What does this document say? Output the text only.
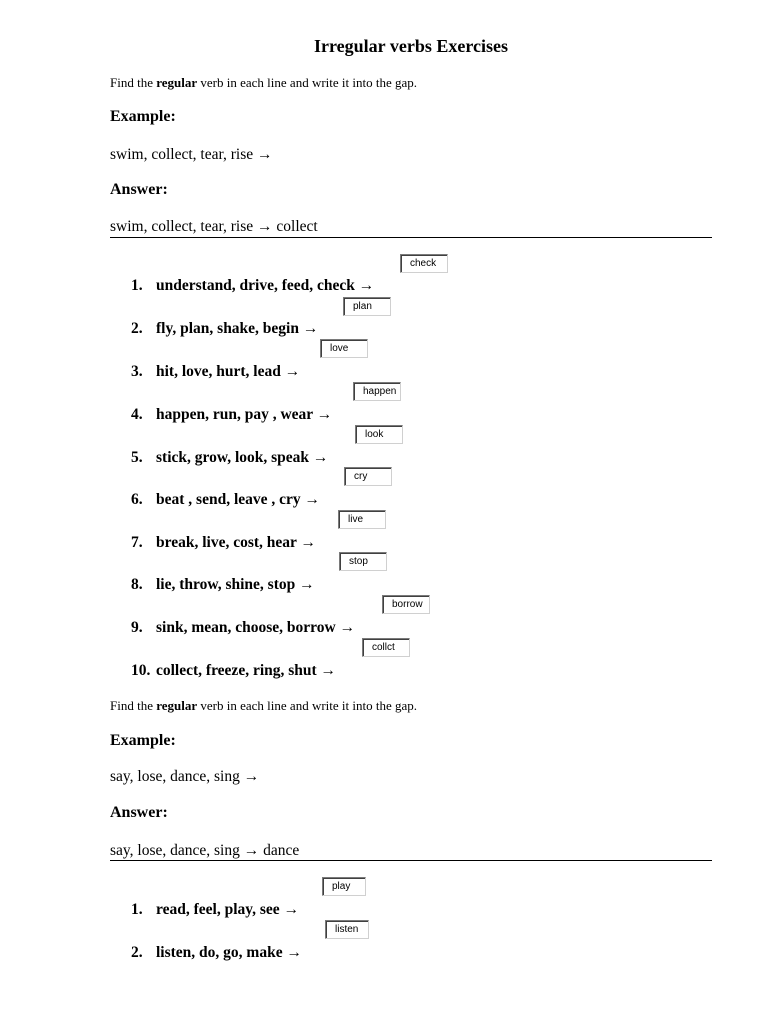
Irregular verbs Exercises
Find the regular verb in each line and write it into the gap.
Example:
swim, collect, tear, rise →
Answer:
swim, collect, tear, rise → collect
check
1. understand, drive, feed, check →
plan
2. fly, plan, shake, begin →
love
3. hit, love, hurt, lead →
happen
4. happen, run, pay , wear →
look
5. stick, grow, look, speak →
cry
6. beat , send, leave , cry →
live
7. break, live, cost, hear →
stop
8. lie, throw, shine, stop →
borrow
9. sink, mean, choose, borrow →
collct
10. collect, freeze, ring, shut →
Find the regular verb in each line and write it into the gap.
Example:
say, lose, dance, sing →
Answer:
say, lose, dance, sing → dance
play
1. read, feel, play, see →
listen
2. listen, do, go, make →
